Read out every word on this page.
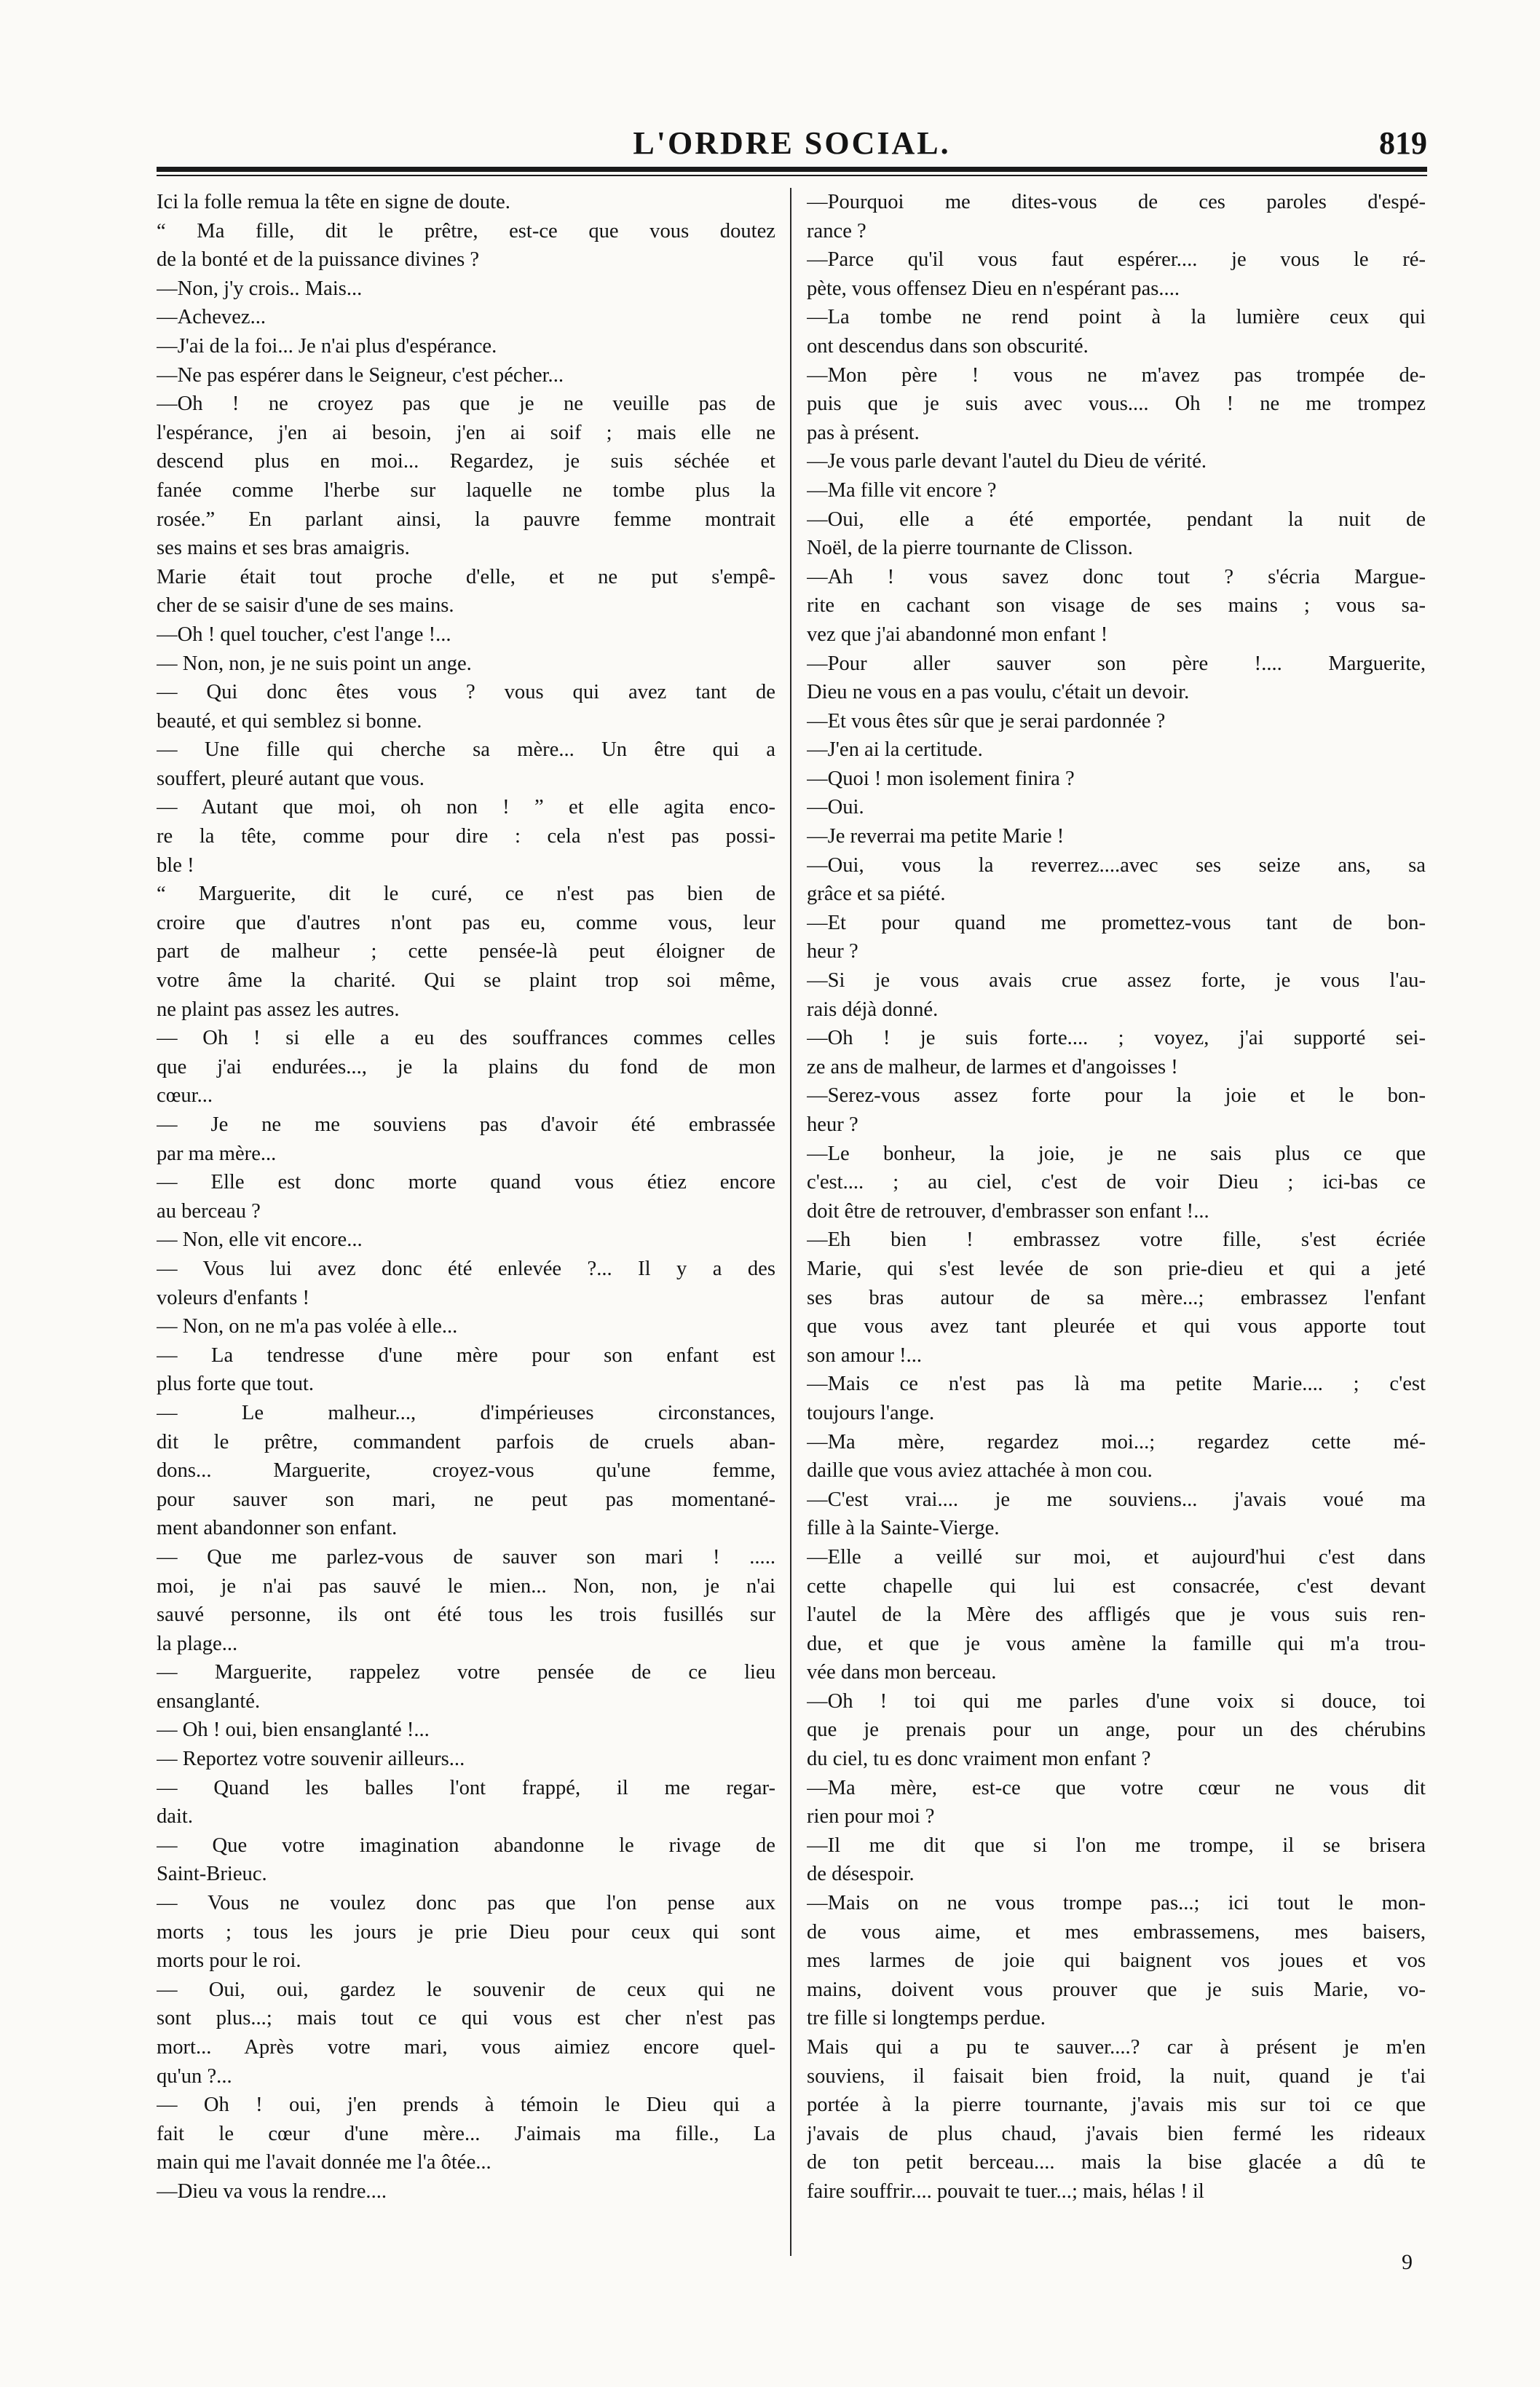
L'ORDRE SOCIAL.	819
Ici la folle remua la tête en signe de doute.
“ Ma fille, dit le prêtre, est-ce que vous doutez
de la bonté et de la puissance divines ?
—Non, j'y crois.. Mais...
—Achevez...
—J'ai de la foi... Je n'ai plus d'espérance.
—Ne pas espérer dans le Seigneur, c'est pécher...
—Oh ! ne croyez pas que je ne veuille pas de
l'espérance, j'en ai besoin, j'en ai soif ; mais elle ne
descend plus en moi... Regardez, je suis séchée et
fanée comme l'herbe sur laquelle ne tombe plus la
rosée.” En parlant ainsi, la pauvre femme montrait
ses mains et ses bras amaigris.
Marie était tout proche d'elle, et ne put s'empê-
cher de se saisir d'une de ses mains.
—Oh ! quel toucher, c'est l'ange !...
— Non, non, je ne suis point un ange.
— Qui donc êtes vous ? vous qui avez tant de
beauté, et qui semblez si bonne.
— Une fille qui cherche sa mère... Un être qui a
souffert, pleuré autant que vous.
— Autant que moi, oh non ! ” et elle agita enco-
re la tête, comme pour dire : cela n'est pas possi-
ble !
“ Marguerite, dit le curé, ce n'est pas bien de
croire que d'autres n'ont pas eu, comme vous, leur
part de malheur ; cette pensée-là peut éloigner de
votre âme la charité. Qui se plaint trop soi même,
ne plaint pas assez les autres.
— Oh ! si elle a eu des souffrances commes celles
que j'ai endurées..., je la plains du fond de mon
cœur...
— Je ne me souviens pas d'avoir été embrassée
par ma mère...
— Elle est donc morte quand vous étiez encore
au berceau ?
— Non, elle vit encore...
— Vous lui avez donc été enlevée ?... Il y a des
voleurs d'enfants !
— Non, on ne m'a pas volée à elle...
— La tendresse d'une mère pour son enfant est
plus forte que tout.
— Le malheur..., d'impérieuses circonstances,
dit le prêtre, commandent parfois de cruels aban-
dons... Marguerite, croyez-vous qu'une femme,
pour sauver son mari, ne peut pas momentané-
ment abandonner son enfant.
— Que me parlez-vous de sauver son mari ! .....
moi, je n'ai pas sauvé le mien... Non, non, je n'ai
sauvé personne, ils ont été tous les trois fusillés sur
la plage...
— Marguerite, rappelez votre pensée de ce lieu
ensanglanté.
— Oh ! oui, bien ensanglanté !...
— Reportez votre souvenir ailleurs...
— Quand les balles l'ont frappé, il me regar-
dait.
— Que votre imagination abandonne le rivage de
Saint-Brieuc.
— Vous ne voulez donc pas que l'on pense aux
morts ; tous les jours je prie Dieu pour ceux qui sont
morts pour le roi.
— Oui, oui, gardez le souvenir de ceux qui ne
sont plus...; mais tout ce qui vous est cher n'est pas
mort... Après votre mari, vous aimiez encore quel-
qu'un ?...
— Oh ! oui, j'en prends à témoin le Dieu qui a
fait le cœur d'une mère... J'aimais ma fille., La
main qui me l'avait donnée me l'a ôtée...
—Dieu va vous la rendre....
—Pourquoi me dites-vous de ces paroles d'espé-
rance ?
—Parce qu'il vous faut espérer.... je vous le ré-
pète, vous offensez Dieu en n'espérant pas....
—La tombe ne rend point à la lumière ceux qui
ont descendus dans son obscurité.
—Mon père ! vous ne m'avez pas trompée de-
puis que je suis avec vous.... Oh ! ne me trompez
pas à présent.
—Je vous parle devant l'autel du Dieu de vérité.
—Ma fille vit encore ?
—Oui, elle a été emportée, pendant la nuit de
Noël, de la pierre tournante de Clisson.
—Ah ! vous savez donc tout ? s'écria Margue-
rite en cachant son visage de ses mains ; vous sa-
vez que j'ai abandonné mon enfant !
—Pour aller sauver son père !.... Marguerite,
Dieu ne vous en a pas voulu, c'était un devoir.
—Et vous êtes sûr que je serai pardonnée ?
—J'en ai la certitude.
—Quoi ! mon isolement finira ?
—Oui.
—Je reverrai ma petite Marie !
—Oui, vous la reverrez....avec ses seize ans, sa
grâce et sa piété.
—Et pour quand me promettez-vous tant de bon-
heur ?
—Si je vous avais crue assez forte, je vous l'au-
rais déjà donné.
—Oh ! je suis forte.... ; voyez, j'ai supporté sei-
ze ans de malheur, de larmes et d'angoisses !
—Serez-vous assez forte pour la joie et le bon-
heur ?
—Le bonheur, la joie, je ne sais plus ce que
c'est.... ; au ciel, c'est de voir Dieu ; ici-bas ce
doit être de retrouver, d'embrasser son enfant !...
—Eh bien ! embrassez votre fille, s'est écriée
Marie, qui s'est levée de son prie-dieu et qui a jeté
ses bras autour de sa mère...; embrassez l'enfant
que vous avez tant pleurée et qui vous apporte tout
son amour !...
—Mais ce n'est pas là ma petite Marie.... ; c'est
toujours l'ange.
—Ma mère, regardez moi...; regardez cette mé-
daille que vous aviez attachée à mon cou.
—C'est vrai.... je me souviens... j'avais voué ma
fille à la Sainte-Vierge.
—Elle a veillé sur moi, et aujourd'hui c'est dans
cette chapelle qui lui est consacrée, c'est devant
l'autel de la Mère des affligés que je vous suis ren-
due, et que je vous amène la famille qui m'a trou-
vée dans mon berceau.
—Oh ! toi qui me parles d'une voix si douce, toi
que je prenais pour un ange, pour un des chérubins
du ciel, tu es donc vraiment mon enfant ?
—Ma mère, est-ce que votre cœur ne vous dit
rien pour moi ?
—Il me dit que si l'on me trompe, il se brisera
de désespoir.
—Mais on ne vous trompe pas...; ici tout le mon-
de vous aime, et mes embrassemens, mes baisers,
mes larmes de joie qui baignent vos joues et vos
mains, doivent vous prouver que je suis Marie, vo-
tre fille si longtemps perdue.
Mais qui a pu te sauver....? car à présent je m'en
souviens, il faisait bien froid, la nuit, quand je t'ai
portée à la pierre tournante, j'avais mis sur toi ce que
j'avais de plus chaud, j'avais bien fermé les rideaux
de ton petit berceau.... mais la bise glacée a dû te
faire souffrir.... pouvait te tuer...; mais, hélas ! il
9
